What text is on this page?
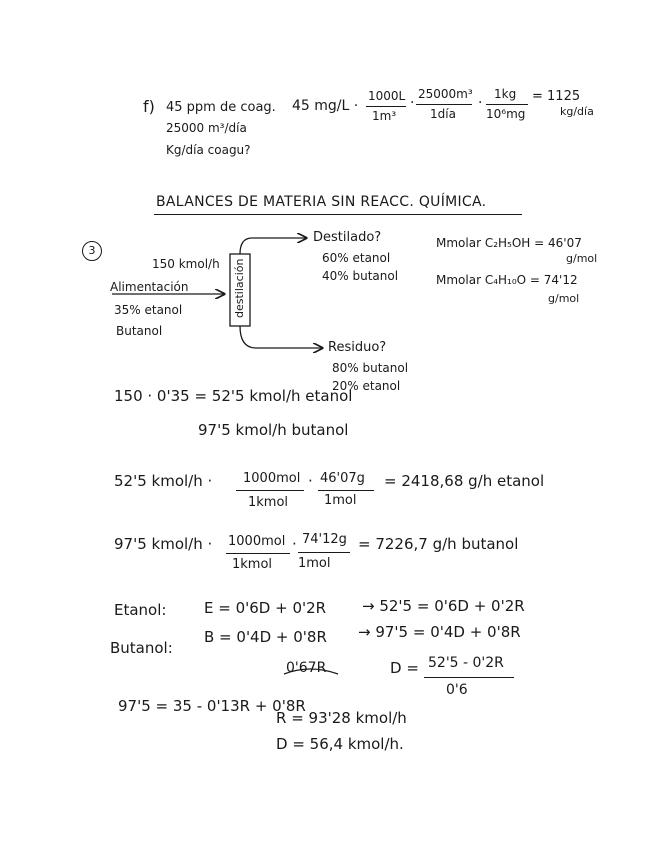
f) 45 ppm de coag.
25000 m³/día
Kg/día coagu?
45 mg/L ·
1000L
1m³
·
25000m³
1día
·
1kg
10⁶mg
= 1125
kg/día
BALANCES DE MATERIA SIN REACC. QUÍMICA.
3
150 kmol/h
Alimentación
35% etanol
Butanol
destilación
Destilado?
60% etanol
40% butanol
Residuo?
80% butanol
20% etanol
Mmolar C₂H₅OH = 46'07
g/mol
Mmolar C₄H₁₀O = 74'12
g/mol
150 · 0'35 = 52'5 kmol/h etanol
97'5 kmol/h butanol
52'5 kmol/h · 1000mol
1kmol
· 46'07g
1mol
= 2418,68 g/h etanol
97'5 kmol/h · 1000mol
1kmol
· 74'12g
1mol
= 7226,7 g/h butanol
Etanol:	E = 0'6D + 0'2R → 52'5 = 0'6D + 0'2R
Butanol:
B = 0'4D + 0'8R → 97'5 = 0'4D + 0'8R
0'67R	D = 52'5 - 0'2R
0'6
97'5 = 35 - 0'13R + 0'8R
R = 93'28 kmol/h
D = 56,4 kmol/h.
